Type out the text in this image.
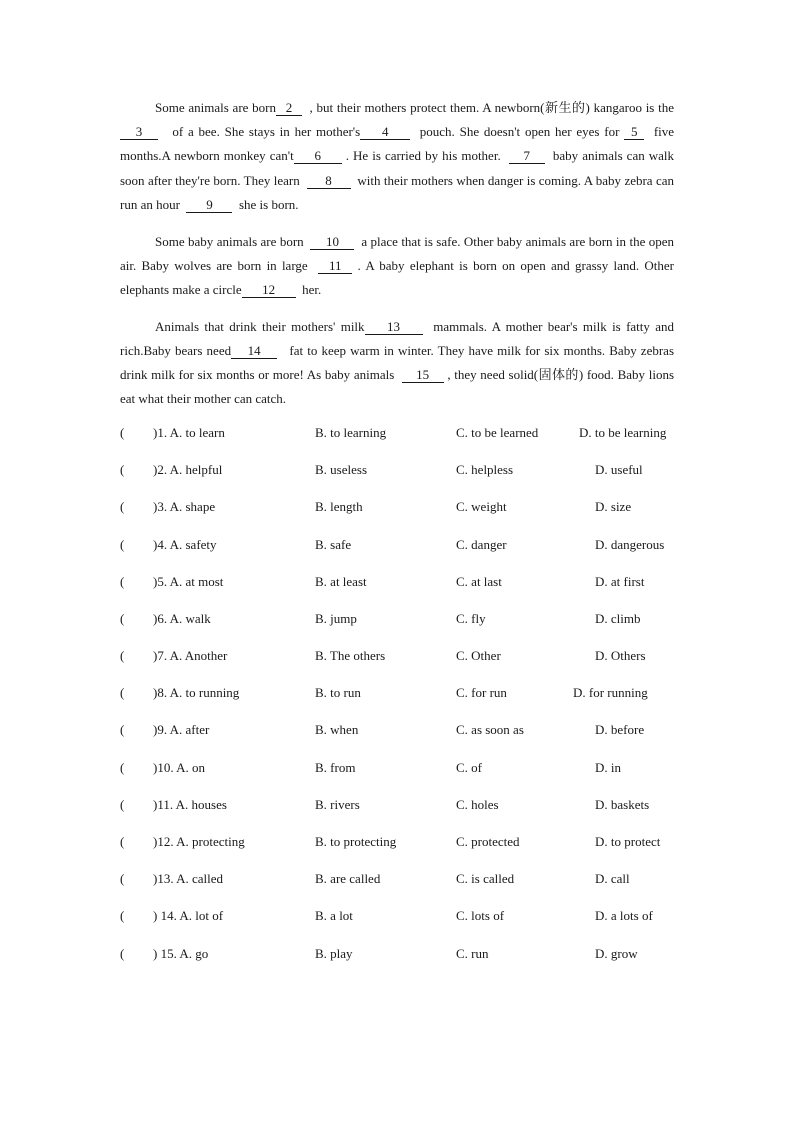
Some animals are born 2 , but their mothers protect them. A newborn(新生的) kangaroo is the3 of a bee. She stays in her mother's 4 pouch. She doesn't open her eyes for 5 five months.A newborn monkey can't 6 . He is carried by his mother. 7 baby animals can walk soon after they're born. They learn 8 with their mothers when danger is coming. A baby zebra can run an hour 9 she is born.

Some baby animals are born 10 a place that is safe. Other baby animals are born in the open air. Baby wolves are born in large 11 . A baby elephant is born on open and grassy land. Other elephants make a circle 12 her.

Animals that drink their mothers' milk 13	mammals. A mother bear's milk is fatty and rich.Baby bears need 14 fat to keep warm in winter. They have milk for six months. Baby zebras drink milk for six months or more! As baby animals 15 , they need solid(固体的) food. Baby lions eat what their mother can catch.

( )1. A. to learn	B. to learning	C. to be learned	D. to be learning
( )2. A. helpful	B. useless	C. helpless	D. useful
( )3. A. shape	B. length	C. weight	D. size
( )4. A. safety	B. safe	C. danger	D. dangerous
( )5. A. at most	B. at least	C. at last	D. at first
( )6. A. walk	B. jump	C. fly	D. climb
( )7. A. Another	B. The others	C. Other	D. Others
( )8. A. to running	B. to run	C. for run	D. for running
( )9. A. after	B. when	C. as soon as	D. before
( )10. A. on	B. from	C. of	D. in
( )11. A. houses	B. rivers	C. holes	D. baskets
( )12. A. protecting	B. to protecting	C. protected	D. to protect
( )13. A. called	B. are called	C. is called	D. call
( ) 14. A. lot of	B. a lot	C. lots of	D. a lots of
( ) 15. A. go	B. play	C. run	D. grow
